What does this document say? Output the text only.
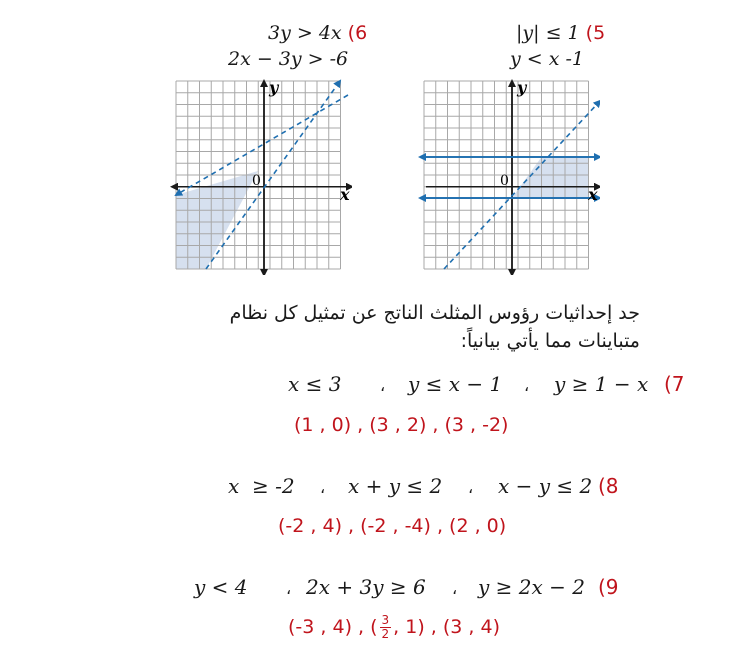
3y > 4x (6
2x − 3y > -6
|y| ≤ 1 (5
y < x -1
x
y
0
x
y
0
جد إحداثيات رؤوس المثلث الناتج عن تمثيل كل نظام
متباينات مما يأتي بيانياً:
x ≤ 3 ، y ≤ x − 1 ، y ≥ 1 − x (7
(1 , 0) , (3 , 2) , (3 , -2)
x  ≥ -2 ، x + y ≤ 2 ، x − y ≤ 2 (8
(-2 , 4) , (-2 , -4) , (2 , 0)
y < 4 ، 2x + 3y ≥ 6 ، y ≥ 2x − 2 (9
(-3 , 4) , ( $\frac{3}{2}$ , 1) , (3 , 4)
